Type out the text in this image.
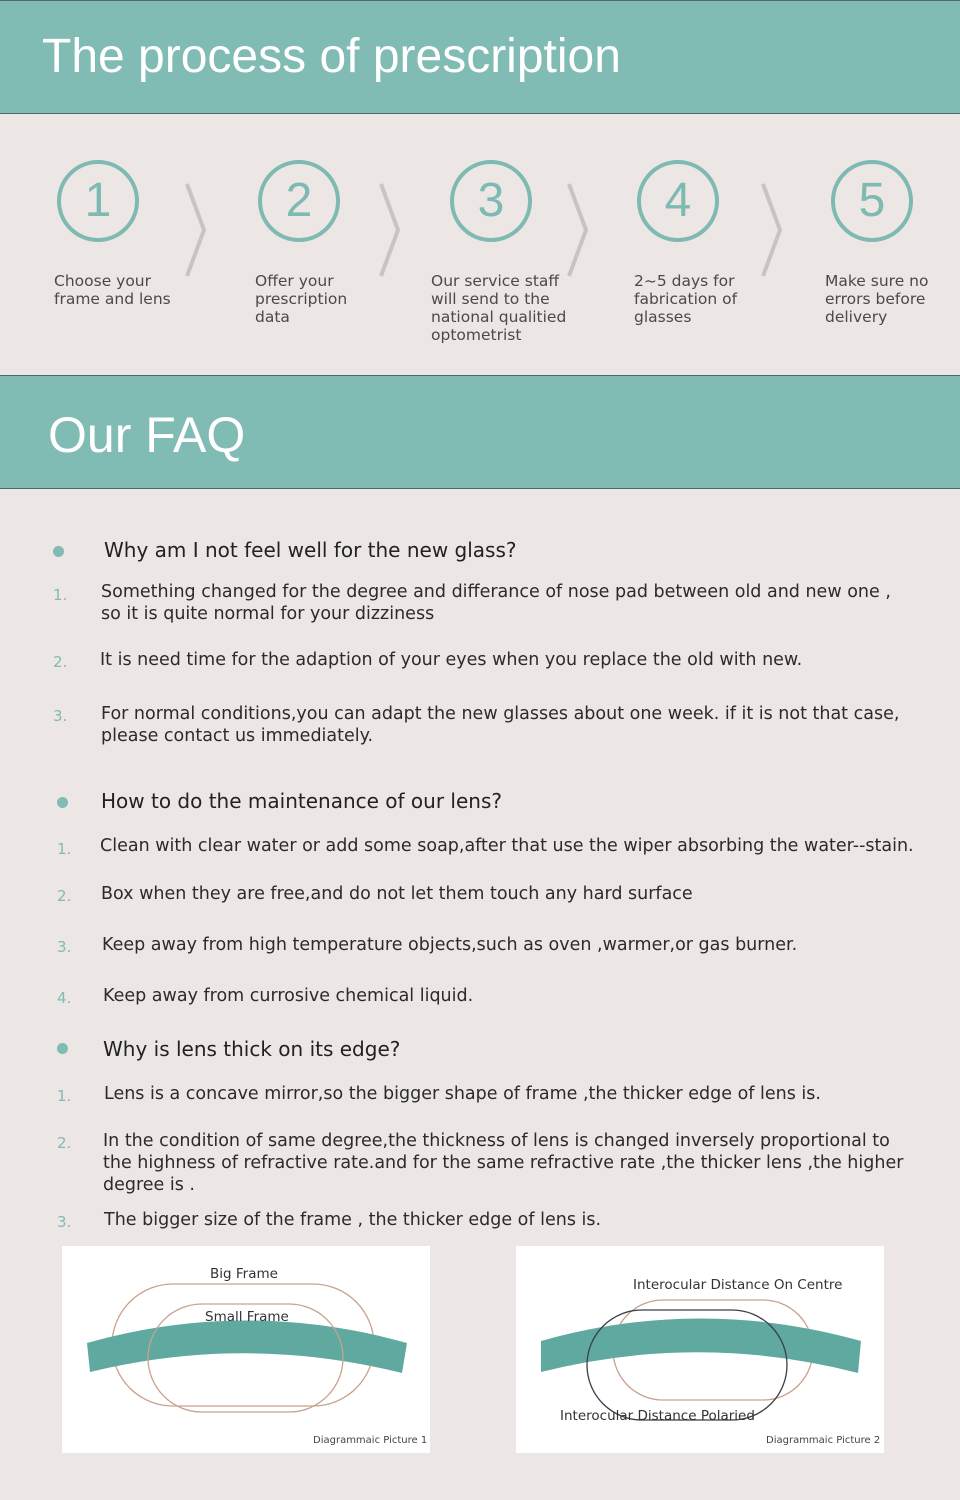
The process of prescription
1
Choose your
frame and lens
2
Offer your
prescription
data
3
Our service staff
will send to the
national qualitied
optometrist
4
2~5 days for
fabrication of
glasses
5
Make sure no
errors before
delivery
Our FAQ
Why am I not feel well for the new glass?
1. Something changed for the degree and differance of nose pad between old and new one ,
so it is quite normal for your dizziness
2. It is need time for the adaption of your eyes when you replace the old with new.
3. For normal conditions,you can adapt the new glasses about one week. if it is not that case,
please contact us immediately.
How to do the maintenance of our lens?
1. Clean with clear water or add some soap,after that use the wiper absorbing the water--stain.
2. Box when they are free,and do not let them touch any hard surface
3. Keep away from high temperature objects,such as oven ,warmer,or gas burner.
4. Keep away from currosive chemical liquid.
Why is lens thick on its edge?
1. Lens is a concave mirror,so the bigger shape of frame ,the thicker edge of lens is.
2. In the condition of same degree,the thickness of lens is changed inversely proportional to
the highness of refractive rate.and for the same refractive rate ,the thicker lens ,the higher
degree is .
3. The bigger size of the frame , the thicker edge of lens is.
Big Frame
Small Frame
Diagrammaic Picture 1
Interocular Distance On Centre
Interocular Distance Polaried
Diagrammaic Picture 2
